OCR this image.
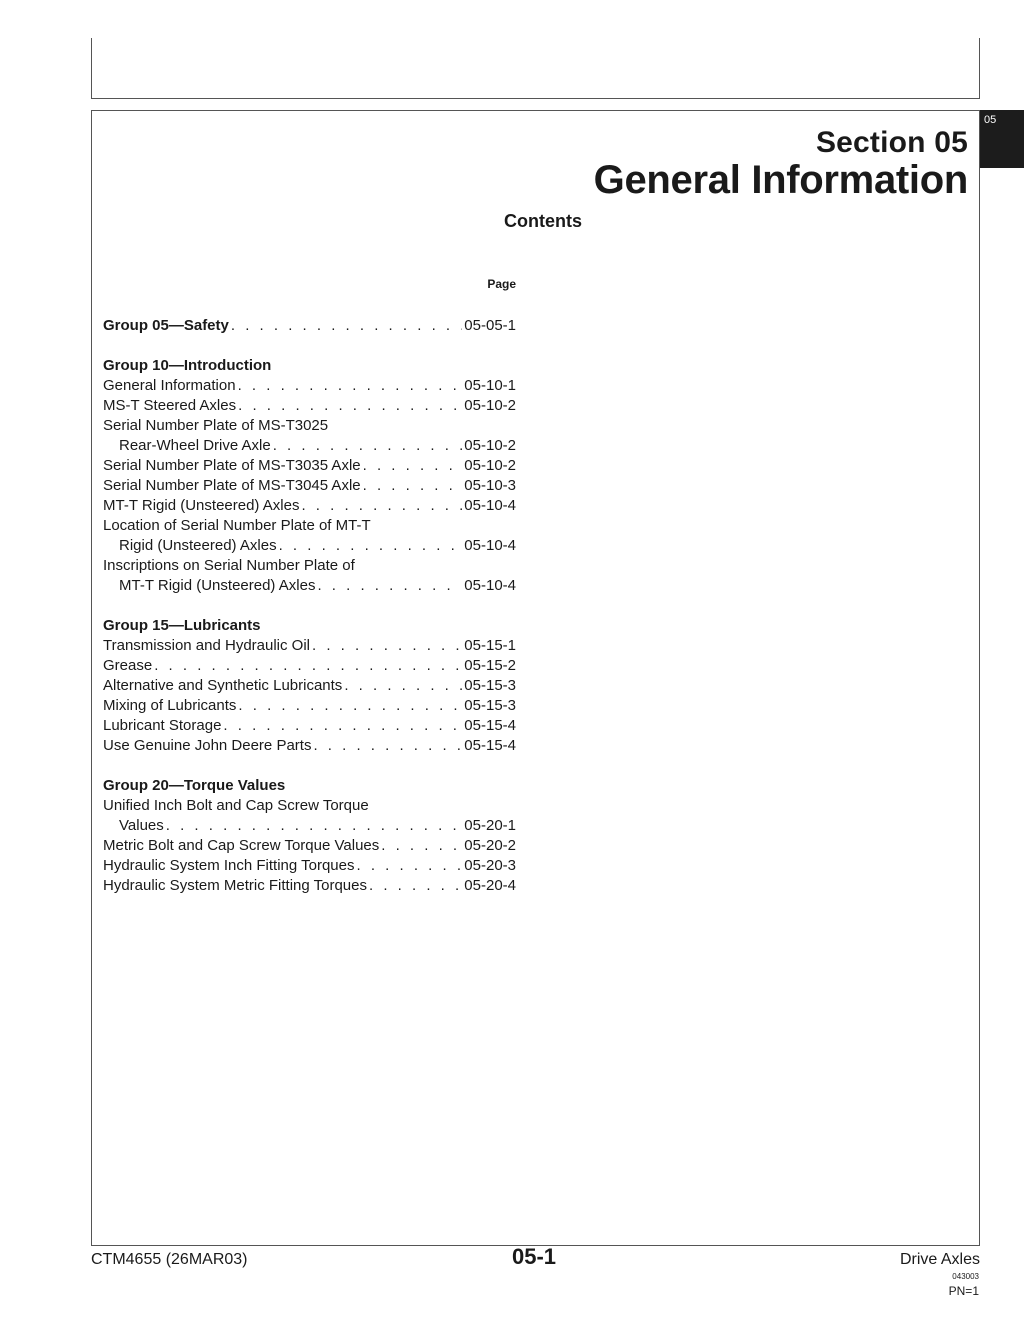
05
Section 05
General Information
Contents
Page
Group 05—Safety . . .	05-05-1
Group 10—Introduction
General Information . . .	05-10-1
MS-T Steered Axles . . .	05-10-2
Serial Number Plate of MS-T3025
Rear-Wheel Drive Axle . . .	05-10-2
Serial Number Plate of MS-T3035 Axle . . .	05-10-2
Serial Number Plate of MS-T3045 Axle . . .	05-10-3
MT-T Rigid (Unsteered) Axles . . .	05-10-4
Location of Serial Number Plate of MT-T
Rigid (Unsteered) Axles . . .	05-10-4
Inscriptions on Serial Number Plate of
MT-T Rigid (Unsteered) Axles . . .	05-10-4
Group 15—Lubricants
Transmission and Hydraulic Oil . . .	05-15-1
Grease . . .	05-15-2
Alternative and Synthetic Lubricants . . .	05-15-3
Mixing of Lubricants . . .	05-15-3
Lubricant Storage . . .	05-15-4
Use Genuine John Deere Parts . . .	05-15-4
Group 20—Torque Values
Unified Inch Bolt and Cap Screw Torque
Values . . .	05-20-1
Metric Bolt and Cap Screw Torque Values . . .	05-20-2
Hydraulic System Inch Fitting Torques . . .	05-20-3
Hydraulic System Metric Fitting Torques . . .	05-20-4
CTM4655 (26MAR03)	05-1	Drive Axles
043003
PN=1
